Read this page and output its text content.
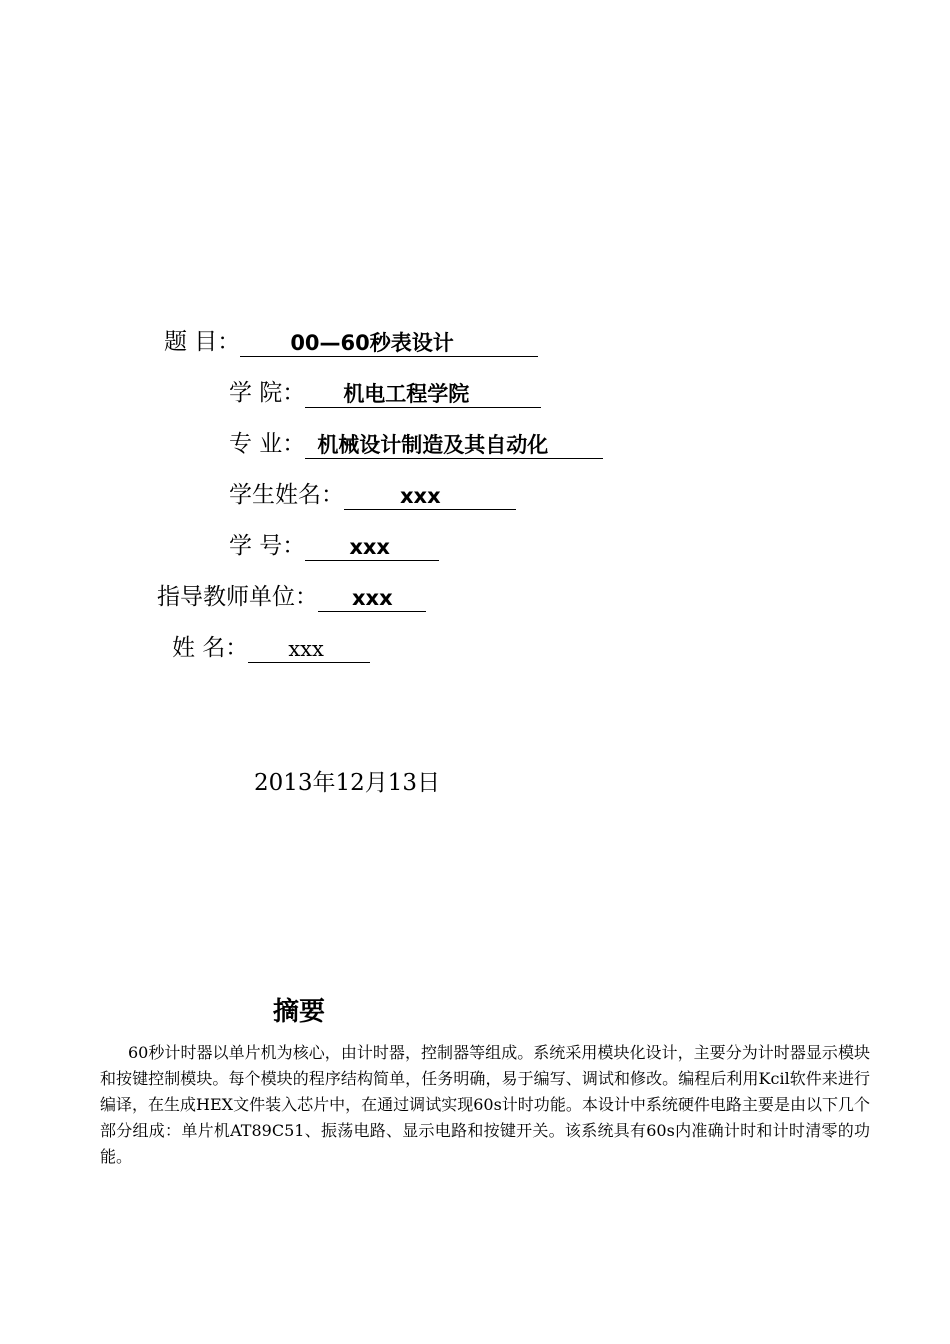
题 目： 00—60秒表设计
学 院： 机电工程学院
专 业： 机械设计制造及其自动化
学生姓名：	xxx
学 号： xxx
指导教师单位： xxx
姓 名： xxx
2013年12月13日
摘要
60秒计时器以单片机为核心，由计时器，控制器等组成。系统采用模块化设计，主要分为计时器显示模块和按键控制模块。每个模块的程序结构简单，任务明确，易于编写、调试和修改。编程后利用Kcil软件来进行编译，在生成HEX文件装入芯片中，在通过调试实现60s计时功能。本设计中系统硬件电路主要是由以下几个部分组成：单片机AT89C51、振荡电路、显示电路和按键开关。该系统具有60s内准确计时和计时清零的功能。
